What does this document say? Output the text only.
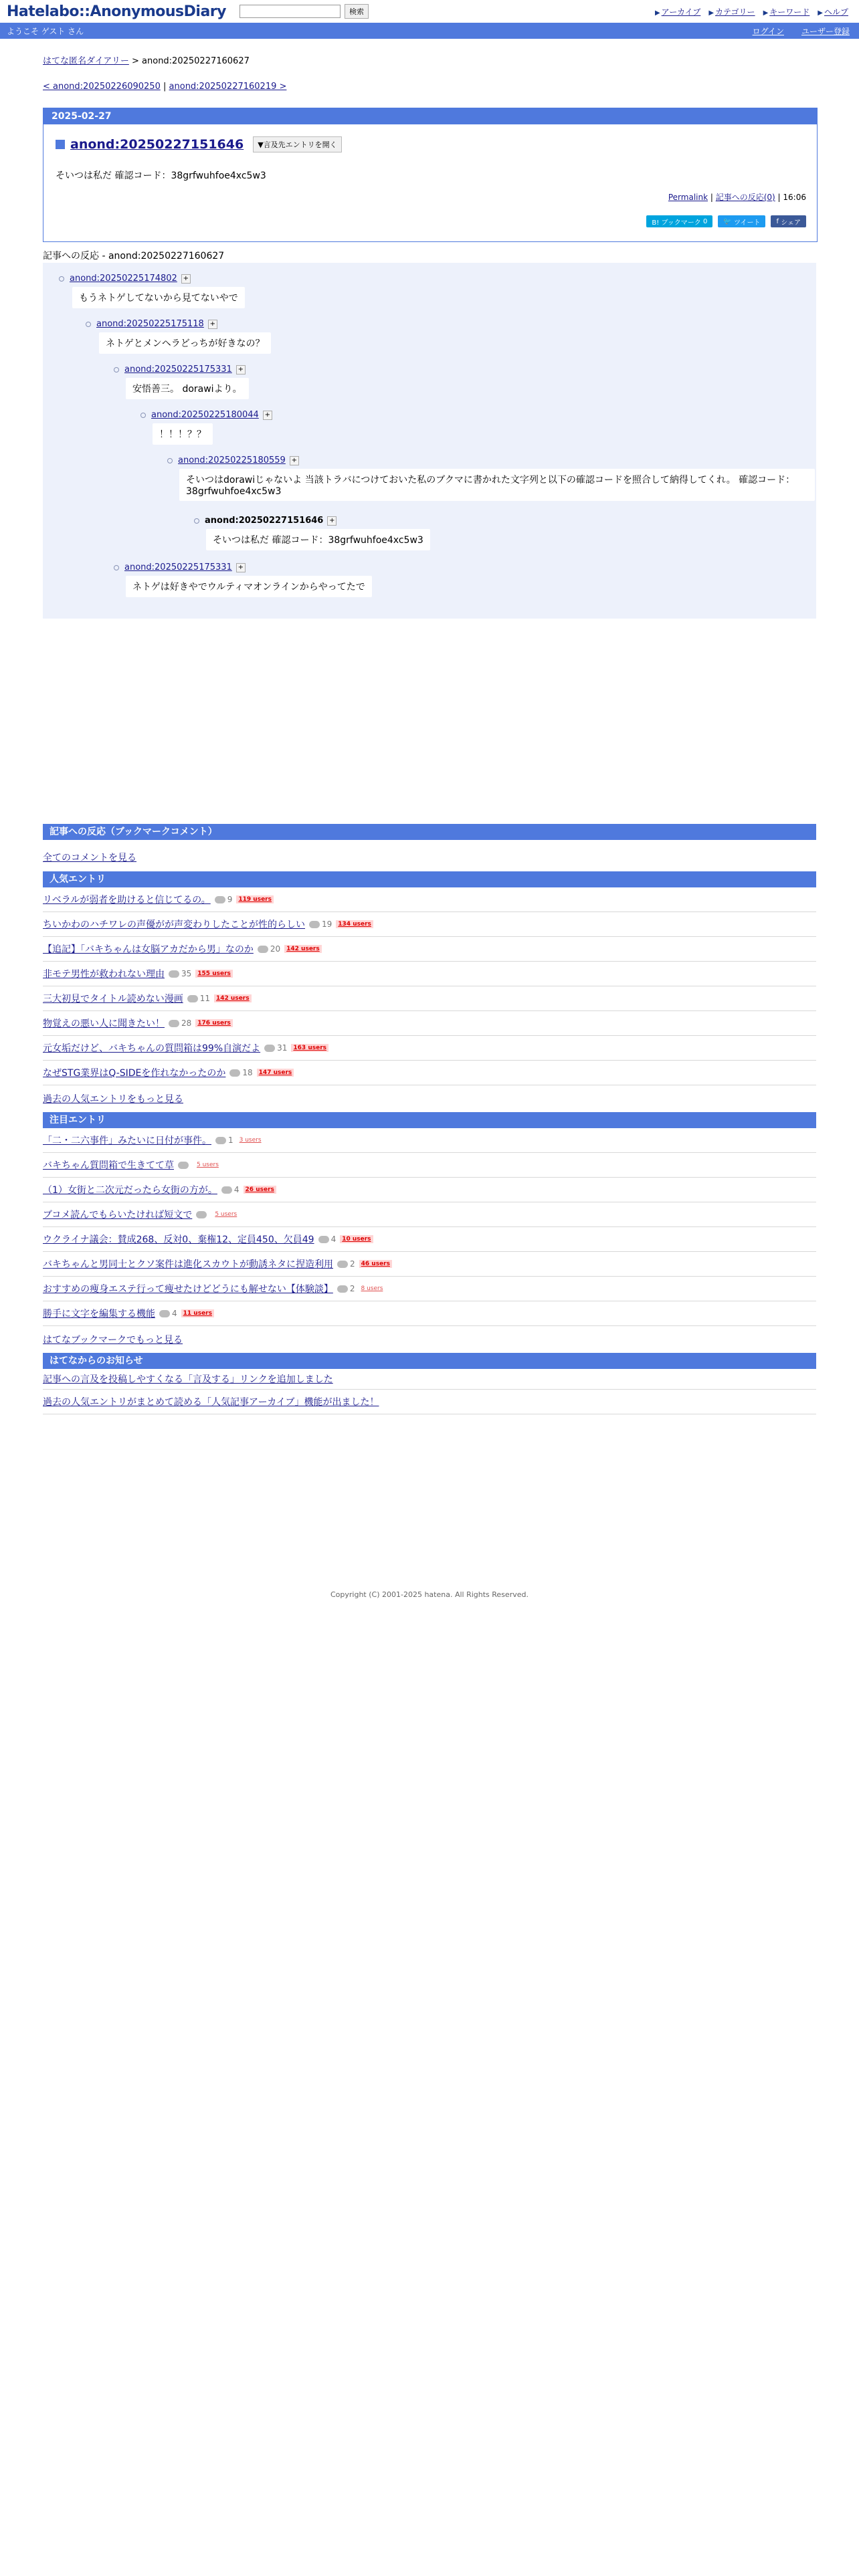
Hatelabo::AnonymousDiary	検索	▶ アーカイブ ▶ カテゴリー ▶ キーワード ▶ ヘルプ
ようこそ ゲスト さん	ログイン ユーザー登録
はてな匿名ダイアリー > anond:20250227160627
< anond:20250226090250 | anond:20250227160219 >
2025-02-27
anond:20250227151646	▼言及先エントリを開く
そいつは私だ 確認コード：38grfwuhfoe4xc5w3
Permalink | 記事への反応(0) | 16:06
B! ブックマーク
0 🐦
ツイート f
シェア
記事への反応 - anond:20250227160627
anond:20250225174802 +
もうネトゲしてないから見てないやで
anond:20250225175118 +
ネトゲとメンヘラどっちが好きなの？
anond:20250225175331 +
安悟善三。 dorawiより。
anond:20250225180044 +
！！！？？
anond:20250225180559 +
そいつはdorawiじゃないよ 当該トラバにつけておいた私のブクマに書かれた文字列と以下の確認コードを照合して納得してくれ。 確認コード：38grfwuhfoe4xc5w3
anond:20250227151646 +
そいつは私だ 確認コード：38grfwuhfoe4xc5w3
anond:20250225175331 +
ネトゲは好きやでウルティマオンラインからやってたで
記事への反応（ブックマークコメント）
全てのコメントを見る
人気エントリ
リベラルが弱者を助けると信じてるの。 9	119 users
ちいかわのハチワレの声優がが声変わりしたことが性的らしい 19	134 users
【追記】「バキちゃんは女脳アカだから男」なのか 20	142 users
非モテ男性が救われない理由 35	155 users
三大初見でタイトル読めない漫画 11	142 users
物覚えの悪い人に聞きたい！ 28	176 users
元女垢だけど、バキちゃんの質問箱は99%自演だよ 31	163 users
なぜSTG業界はQ-SIDEを作れなかったのか 18	147 users
過去の人気エントリをもっと見る
注目エントリ
「二・二六事件」みたいに日付が事件。 1	3 users
バキちゃん質問箱で生きてて草	5 users
（1）女街と二次元だったら女街の方が。 4	26 users
ブコメ読んでもらいたければ短文で	5 users
ウクライナ議会：賛成268、反対0、棄権12、定員450、欠員49 4	10 users
バキちゃんと男同士とクソ案件は進化スカウトが動誘ネタに捏造利用 2	46 users
おすすめの痩身エステ行って痩せたけどどうにも解せない【体験談】 2	8 users
勝手に文字を編集する機能 4	11 users
はてなブックマークでもっと見る
はてなからのお知らせ
記事への言及を投稿しやすくなる「言及する」リンクを追加しました
過去の人気エントリがまとめて読める「人気記事アーカイブ」機能が出ました！
Copyright (C) 2001-2025 hatena. All Rights Reserved.
